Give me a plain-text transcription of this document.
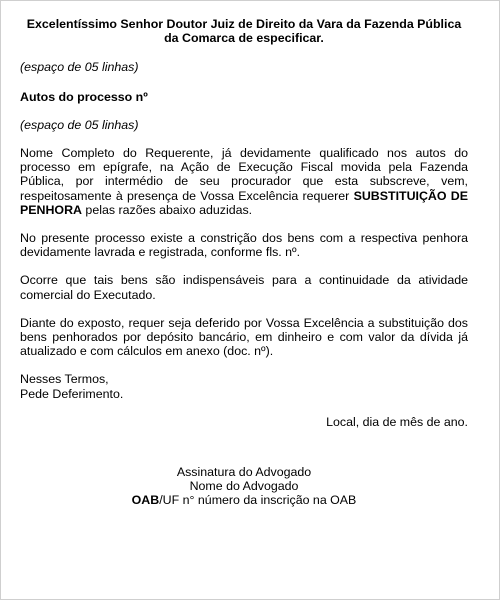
Excelentíssimo Senhor Doutor Juiz de Direito da Vara da Fazenda Pública da Comarca de especificar.

(espaço de 05 linhas)

Autos do processo nº

(espaço de 05 linhas)

Nome Completo do Requerente, já devidamente qualificado nos autos do processo em epígrafe, na Ação de Execução Fiscal movida pela Fazenda Pública, por intermédio de seu procurador que esta subscreve, vem, respeitosamente à presença de Vossa Excelência requerer SUBSTITUIÇÃO DE PENHORA pelas razões abaixo aduzidas.

No presente processo existe a constrição dos bens com a respectiva penhora devidamente lavrada e registrada, conforme fls. nº.

Ocorre que tais bens são indispensáveis para a continuidade da atividade comercial do Executado.

Diante do exposto, requer seja deferido por Vossa Excelência a substituição dos bens penhorados por depósito bancário, em dinheiro e com valor da dívida já atualizado e com cálculos em anexo (doc. nº).

Nesses Termos,

Pede Deferimento.

Local, dia de mês de ano.

Assinatura do Advogado

Nome do Advogado

OAB/UF n° número da inscrição na OAB
